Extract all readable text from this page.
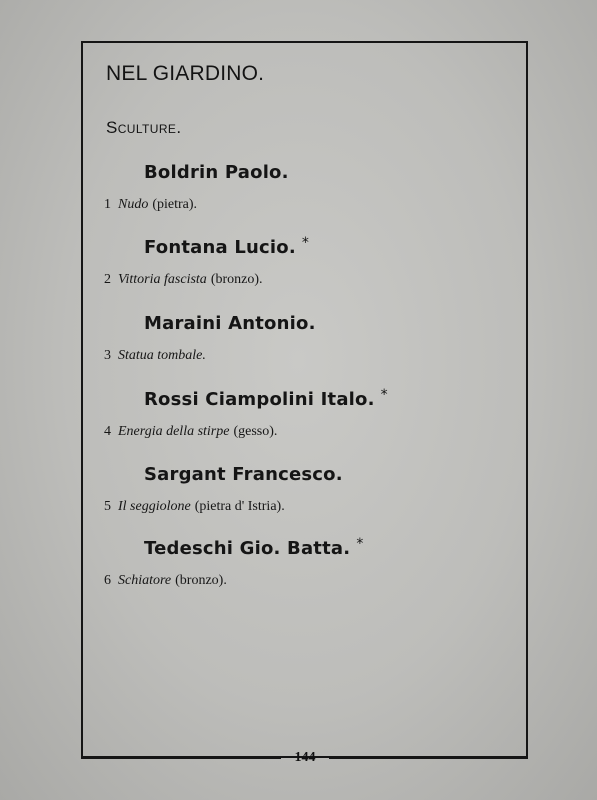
NEL GIARDINO.
Sculture.
Boldrin Paolo.
1 Nudo (pietra).
Fontana Lucio. *
2 Vittoria fascista (bronzo).
Maraini Antonio.
3 Statua tombale.
Rossi Ciampolini Italo. *
4 Energia della stirpe (gesso).
Sargant Francesco.
5 Il seggiolone (pietra d' Istria).
Tedeschi Gio. Batta. *
6 Schiatore (bronzo).
144
